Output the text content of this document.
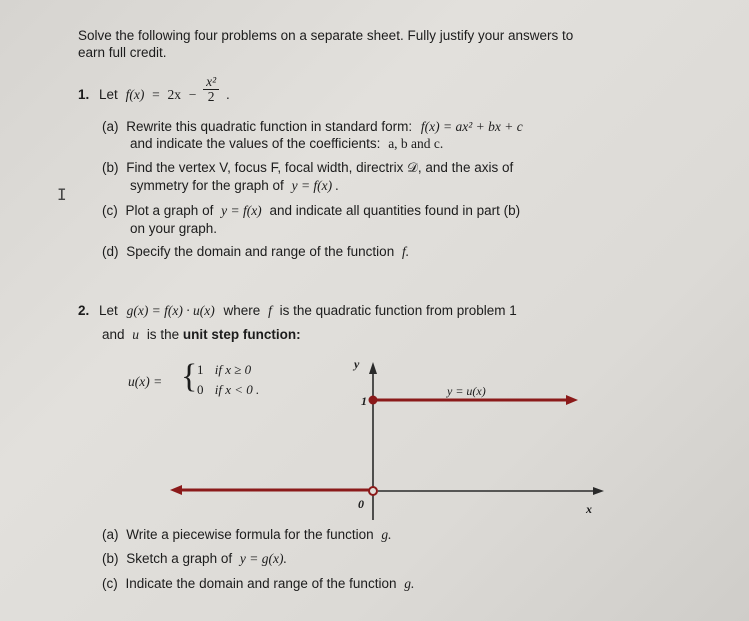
Solve the following four problems on a separate sheet. Fully justify your answers to
earn full credit.
1. Let $f(x) = 2x - \frac{\text{x²}}{2}$ .
(a) Rewrite this quadratic function in standard form: f(x) = ax² + bx + c
and indicate the values of the coefficients: a, b and c.
(b) Find the vertex V, focus F, focal width, directrix 𝒟, and the axis of
symmetry for the graph of y = f(x) .
I
(c) Plot a graph of y = f(x) and indicate all quantities found in part (b)
on your graph.
(d) Specify the domain and range of the function f.
2. Let g(x) = f(x) · u(x) where f is the quadratic function from problem 1
and u is the unit step function:
u(x) = { 1 if x ≥ 0
0 if x < 0 .
y
x
1
0
y = u(x)
(a) Write a piecewise formula for the function g.
(b) Sketch a graph of y = g(x).
(c) Indicate the domain and range of the function g.
